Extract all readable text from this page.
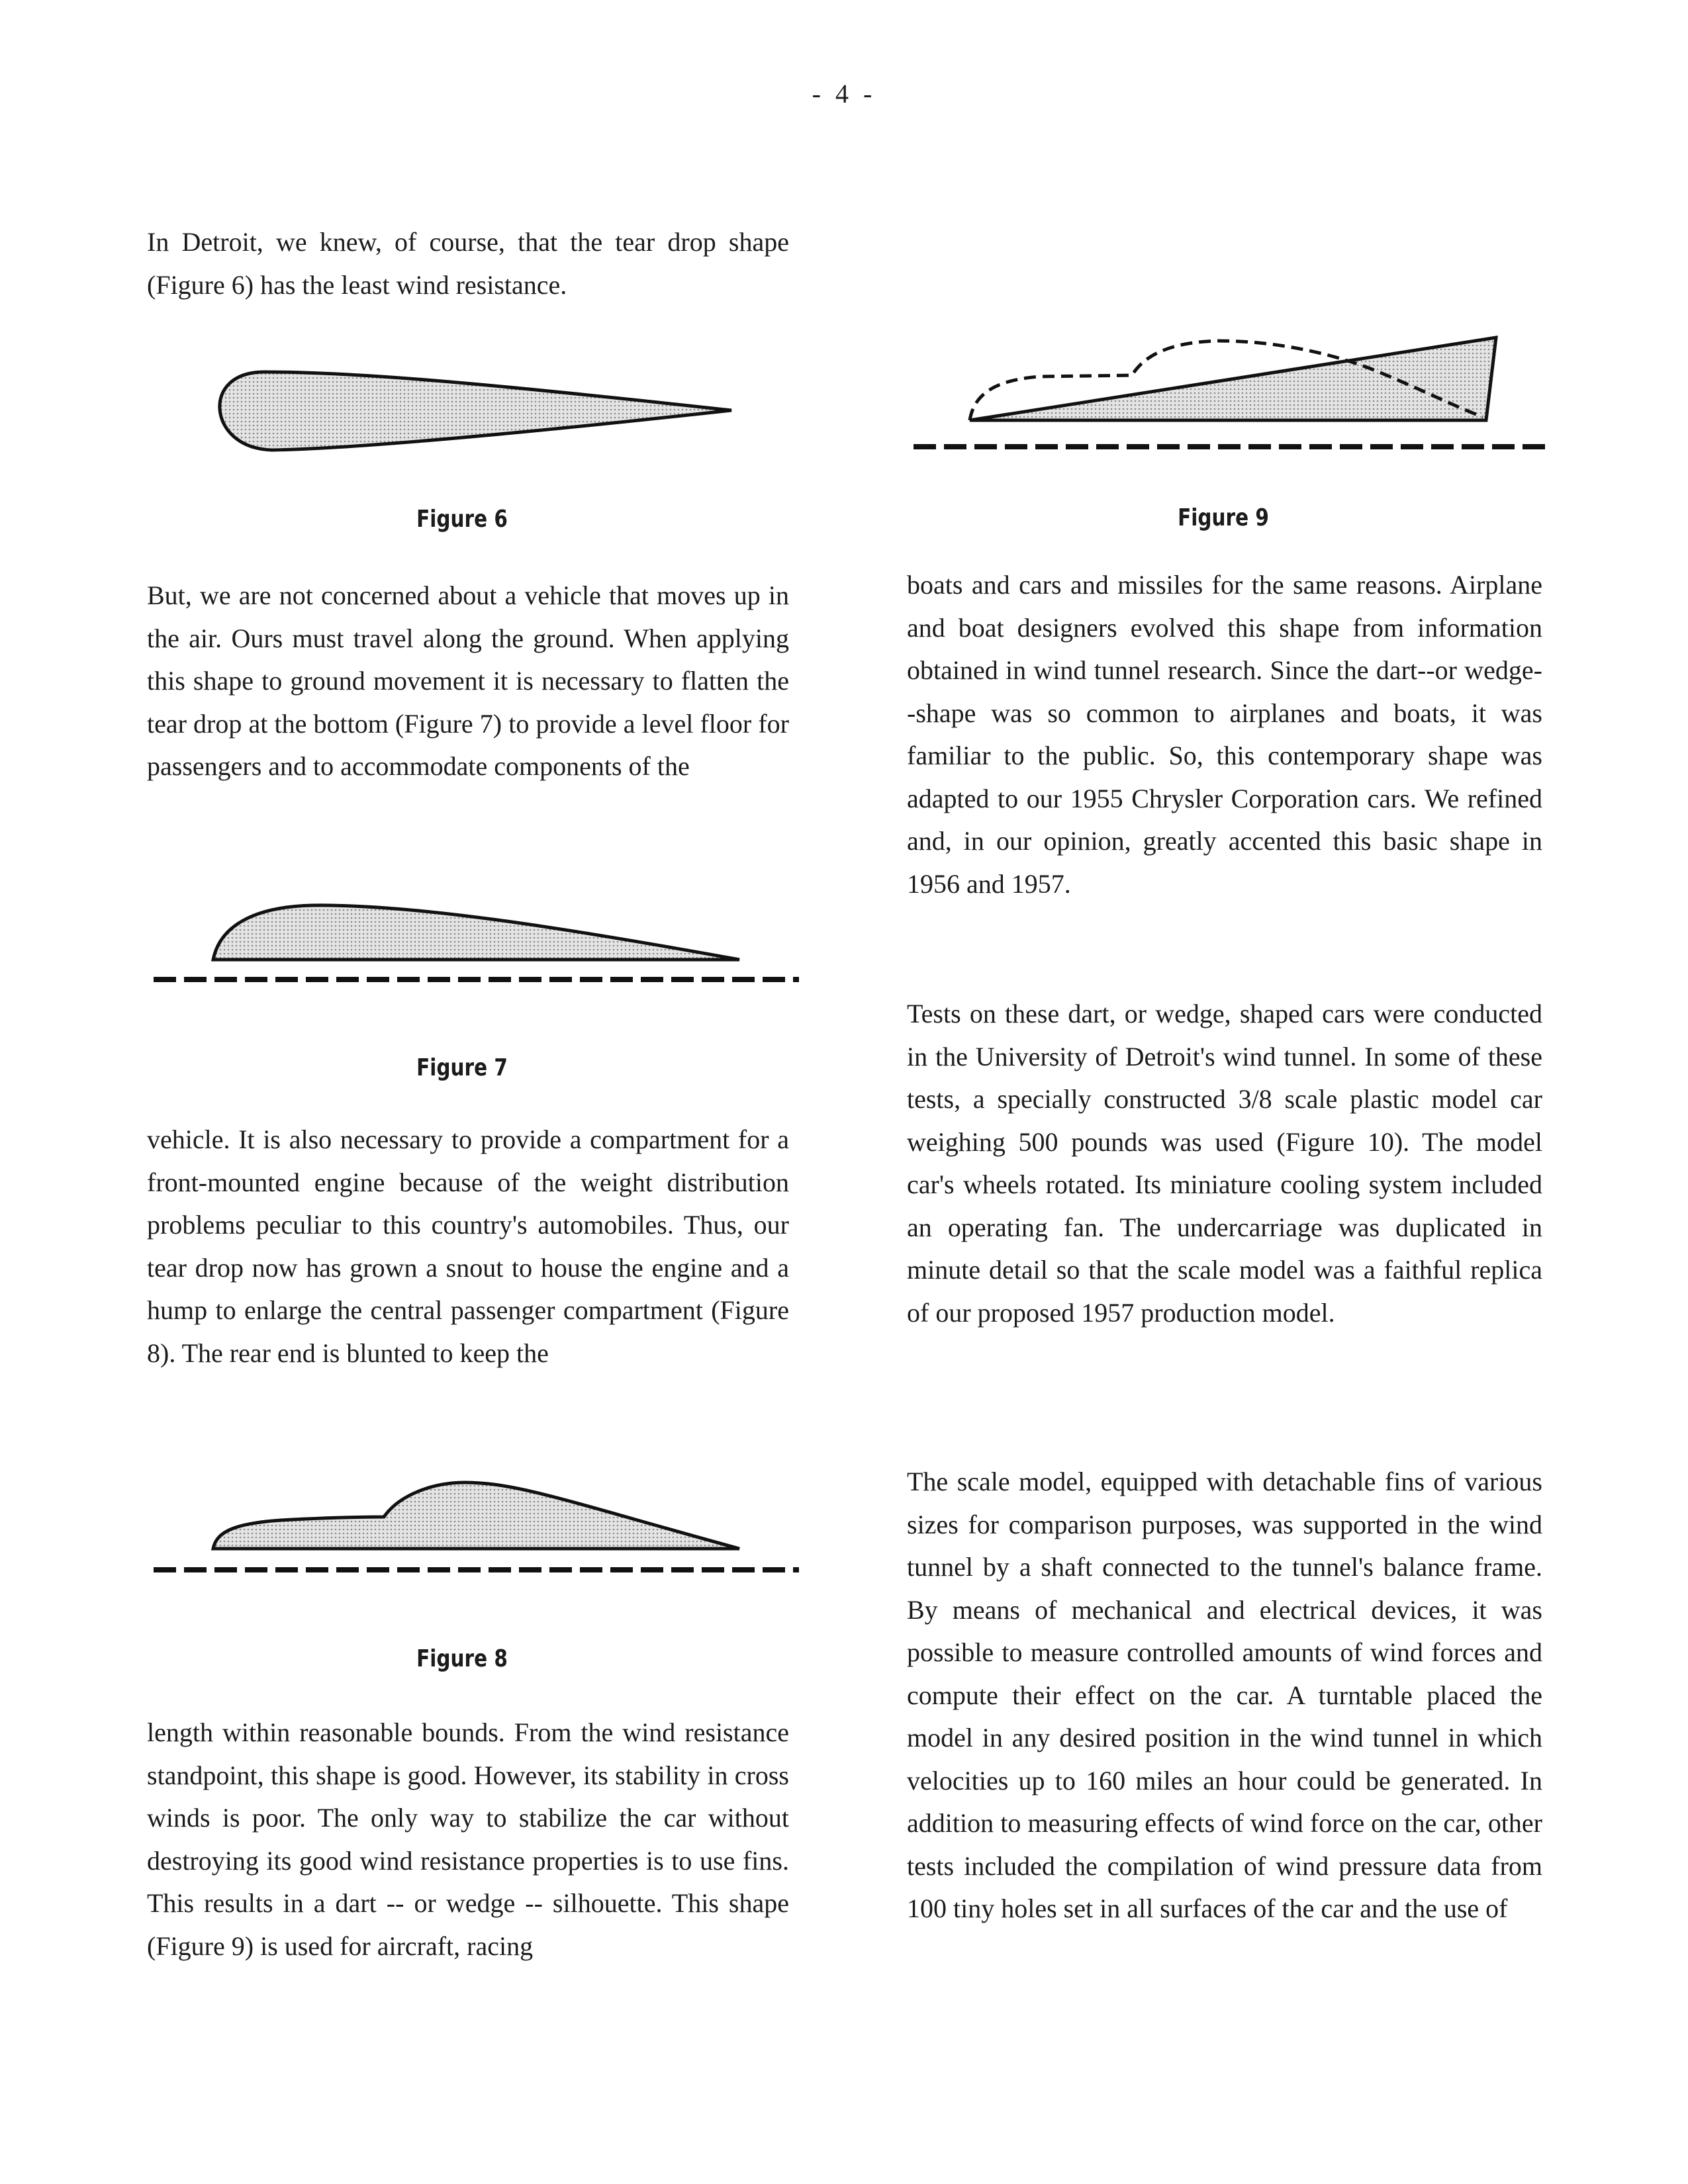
- 4 -

In Detroit, we knew, of course, that the tear drop shape (Figure 6) has the least wind resistance.

Figure 6

But, we are not concerned about a vehicle that moves up in the air. Ours must travel along the ground. When applying this shape to ground movement it is necessary to flatten the tear drop at the bottom (Figure 7) to provide a level floor for passengers and to accommodate components of the

Figure 7

vehicle. It is also necessary to provide a compartment for a front-mounted engine because of the weight distribution problems peculiar to this country's automobiles. Thus, our tear drop now has grown a snout to house the engine and a hump to enlarge the central passenger compartment (Figure 8). The rear end is blunted to keep the

Figure 8

length within reasonable bounds. From the wind resistance standpoint, this shape is good. However, its stability in cross winds is poor. The only way to stabilize the car without destroying its good wind resistance properties is to use fins. This results in a dart -- or wedge -- silhouette. This shape (Figure 9) is used for aircraft, racing

Figure 9

boats and cars and missiles for the same reasons. Airplane and boat designers evolved this shape from information obtained in wind tunnel research. Since the dart--or wedge--shape was so common to airplanes and boats, it was familiar to the public. So, this contemporary shape was adapted to our 1955 Chrysler Corporation cars. We refined and, in our opinion, greatly accented this basic shape in 1956 and 1957.

Tests on these dart, or wedge, shaped cars were conducted in the University of Detroit's wind tunnel. In some of these tests, a specially constructed 3/8 scale plastic model car weighing 500 pounds was used (Figure 10). The model car's wheels rotated. Its miniature cooling system included an operating fan. The undercarriage was duplicated in minute detail so that the scale model was a faithful replica of our proposed 1957 production model.

The scale model, equipped with detachable fins of various sizes for comparison purposes, was supported in the wind tunnel by a shaft connected to the tunnel's balance frame. By means of mechanical and electrical devices, it was possible to measure controlled amounts of wind forces and compute their effect on the car. A turntable placed the model in any desired position in the wind tunnel in which velocities up to 160 miles an hour could be generated. In addition to measuring effects of wind force on the car, other tests included the compilation of wind pressure data from 100 tiny holes set in all surfaces of the car and the use of
